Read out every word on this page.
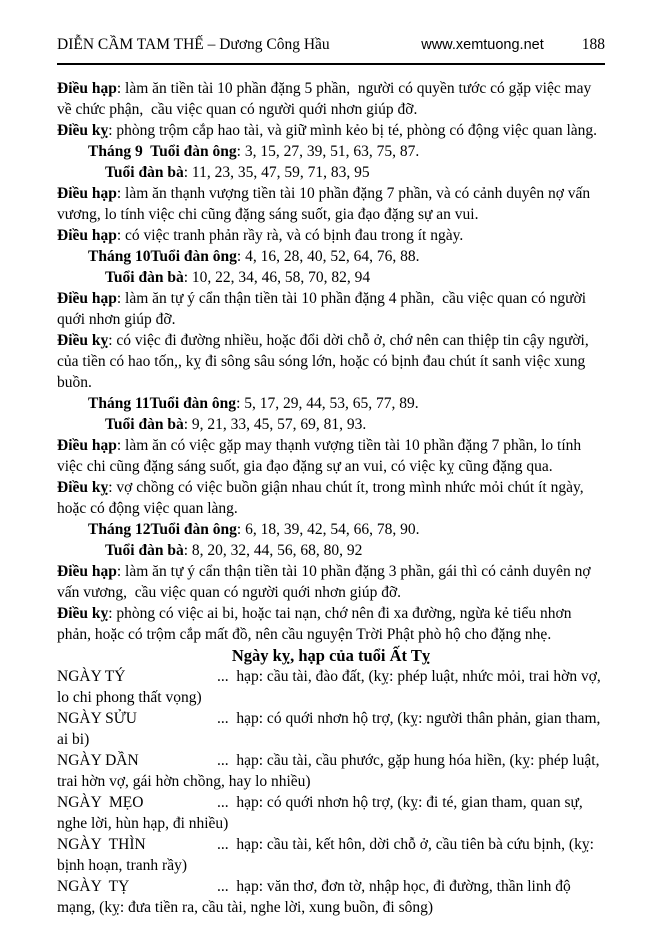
DIỄN CẦM TAM THẾ – Dương Công Hầu	www.xemtuong.net 188

Điều hạp: làm ăn tiền tài 10 phần đặng 5 phần,  người có quyền tước có gặp việc may về chức phận,  cầu việc quan có người quới nhơn giúp đỡ.

Điều kỵ: phòng trộm cắp hao tài, và giữ mình kẻo bị té, phòng có động việc quan làng.

Tháng 9  Tuổi đàn ông: 3, 15, 27, 39, 51, 63, 75, 87.

Tuổi đàn bà: 11, 23, 35, 47, 59, 71, 83, 95

Điều hạp: làm ăn thạnh vượng tiền tài 10 phần đặng 7 phần, và có cảnh duyên nợ vấn vương, lo tính việc chi cũng đặng sáng suốt, gia đạo đặng sự an vui.

Điều hạp: có việc tranh phản rầy rà, và có bịnh đau trong ít ngày.

Tháng 10Tuổi đàn ông: 4, 16, 28, 40, 52, 64, 76, 88.

Tuổi đàn bà: 10, 22, 34, 46, 58, 70, 82, 94

Điều hạp: làm ăn tự ý cẩn thận tiền tài 10 phần đặng 4 phần,  cầu việc quan có người quới nhơn giúp đỡ.

Điều kỵ: có việc đi đường nhiều, hoặc đổi dời chỗ ở, chớ nên can thiệp tin cậy người, của tiền có hao tốn,, kỵ đi sông sâu sóng lớn, hoặc có bịnh đau chút ít sanh việc xung buồn.

Tháng 11Tuổi đàn ông: 5, 17, 29, 44, 53, 65, 77, 89.

Tuổi đàn bà: 9, 21, 33, 45, 57, 69, 81, 93.

Điều hạp: làm ăn có việc gặp may thạnh vượng tiền tài 10 phần đặng 7 phần, lo tính việc chi cũng đặng sáng suốt, gia đạo đặng sự an vui, có việc kỵ cũng đặng qua.

Điều kỵ: vợ chồng có việc buồn giận nhau chút ít, trong mình nhức mỏi chút ít ngày, hoặc có động việc quan làng.

Tháng 12Tuổi đàn ông: 6, 18, 39, 42, 54, 66, 78, 90.

Tuổi đàn bà: 8, 20, 32, 44, 56, 68, 80, 92

Điều hạp: làm ăn tự ý cẩn thận tiền tài 10 phần đặng 3 phần, gái thì có cảnh duyên nợ vấn vương,  cầu việc quan có người quới nhơn giúp đỡ.

Điều kỵ: phòng có việc ai bi, hoặc tai nạn, chớ nên đi xa đường, ngừa kẻ tiểu nhơn phản, hoặc có trộm cắp mất đồ, nên cầu nguyện Trời Phật phò hộ cho đặng nhẹ.

Ngày kỵ, hạp của tuổi Ất Tỵ

NGÀY TÝ	...  hạp: cầu tài, đào đất, (kỵ: phép luật, nhức mỏi, trai hờn vợ, lo chi phong thất vọng)

NGÀY SỬU	...  hạp: có quới nhơn hộ trợ, (kỵ: người thân phản, gian tham, ai bi)

NGÀY DẦN	...  hạp: cầu tài, cầu phước, gặp hung hóa hiền, (kỵ: phép luật, trai hờn vợ, gái hờn chồng, hay lo nhiều)

NGÀY  MẸO	...  hạp: có quới nhơn hộ trợ, (kỵ: đi té, gian tham, quan sự, nghe lời, hùn hạp, đi nhiều)

NGÀY  THÌN	...  hạp: cầu tài, kết hôn, dời chỗ ở, cầu tiên bà cứu bịnh, (kỵ: bịnh hoạn, tranh rầy)

NGÀY  TỴ	...  hạp: văn thơ, đơn tờ, nhập học, đi đường, thần linh độ mạng, (kỵ: đưa tiền ra, cầu tài, nghe lời, xung buồn, đi sông)
